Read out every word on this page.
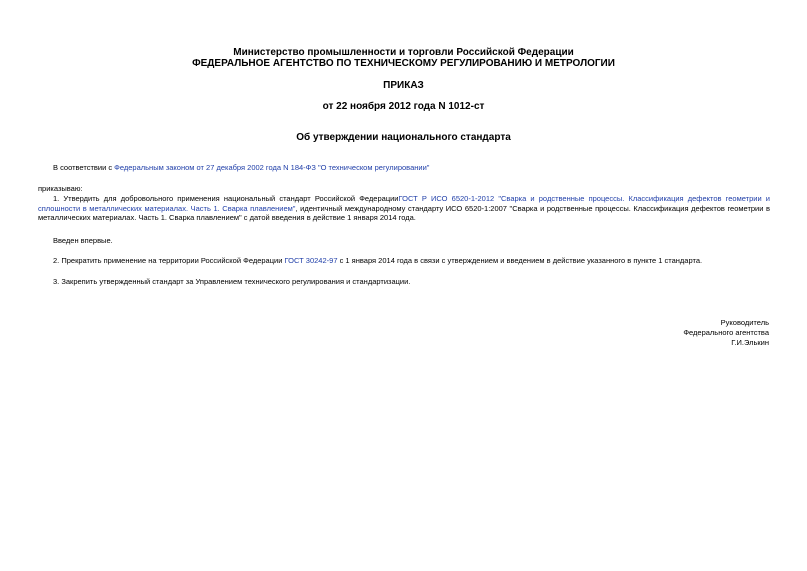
Министерство промышленности и торговли Российской Федерации
ФЕДЕРАЛЬНОЕ АГЕНТСТВО ПО ТЕХНИЧЕСКОМУ РЕГУЛИРОВАНИЮ И МЕТРОЛОГИИ
ПРИКАЗ
от 22 ноября 2012 года N 1012-ст
Об утверждении национального стандарта
В соответствии с Федеральным законом от 27 декабря 2002 года N 184-ФЗ "О техническом регулировании"
приказываю:
1. Утвердить для добровольного применения национальный стандарт Российской ФедерацииГОСТ Р ИСО 6520-1-2012 "Сварка и родственные процессы. Классификация дефектов геометрии и сплошности в металлических материалах. Часть 1. Сварка плавлением", идентичный международному стандарту ИСО 6520-1:2007 "Сварка и родственные процессы. Классификация дефектов геометрии в металлических материалах. Часть 1. Сварка плавлением" с датой введения в действие 1 января 2014 года.
Введен впервые.
2. Прекратить применение на территории Российской Федерации ГОСТ 30242-97 с 1 января 2014 года в связи с утверждением и введением в действие указанного в пункте 1 стандарта.
3. Закрепить утвержденный стандарт за Управлением технического регулирования и стандартизации.
Руководитель
Федерального агентства
Г.И.Элькин
